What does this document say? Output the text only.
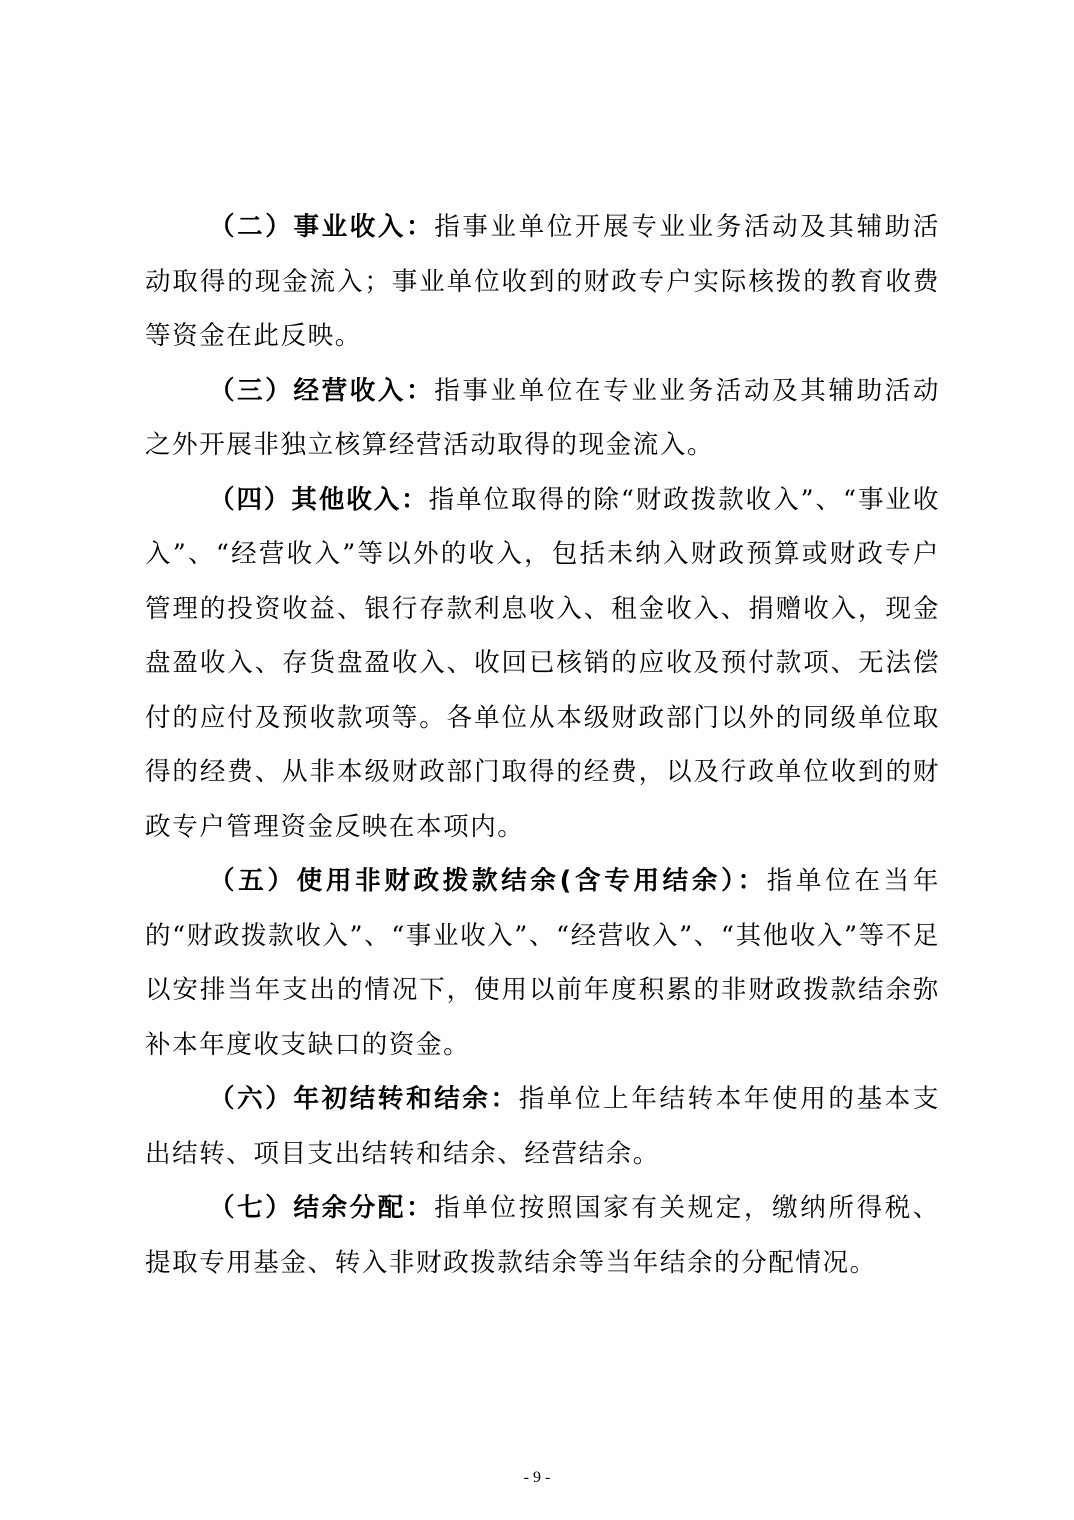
（二）事业收入：指事业单位开展专业业务活动及其辅助活动取得的现金流入；事业单位收到的财政专户实际核拨的教育收费等资金在此反映。

（三）经营收入：指事业单位在专业业务活动及其辅助活动之外开展非独立核算经营活动取得的现金流入。

（四）其他收入：指单位取得的除“财政拨款收入”、“事业收入”、“经营收入”等以外的收入，包括未纳入财政预算或财政专户管理的投资收益、银行存款利息收入、租金收入、捐赠收入，现金盘盈收入、存货盘盈收入、收回已核销的应收及预付款项、无法偿付的应付及预收款项等。各单位从本级财政部门以外的同级单位取得的经费、从非本级财政部门取得的经费，以及行政单位收到的财政专户管理资金反映在本项内。

（五）使用非财政拨款结余(含专用结余）：指单位在当年的“财政拨款收入”、“事业收入”、“经营收入”、“其他收入”等不足以安排当年支出的情况下，使用以前年度积累的非财政拨款结余弥补本年度收支缺口的资金。

（六）年初结转和结余：指单位上年结转本年使用的基本支出结转、项目支出结转和结余、经营结余。

（七）结余分配：指单位按照国家有关规定，缴纳所得税、提取专用基金、转入非财政拨款结余等当年结余的分配情况。

- 9 -
